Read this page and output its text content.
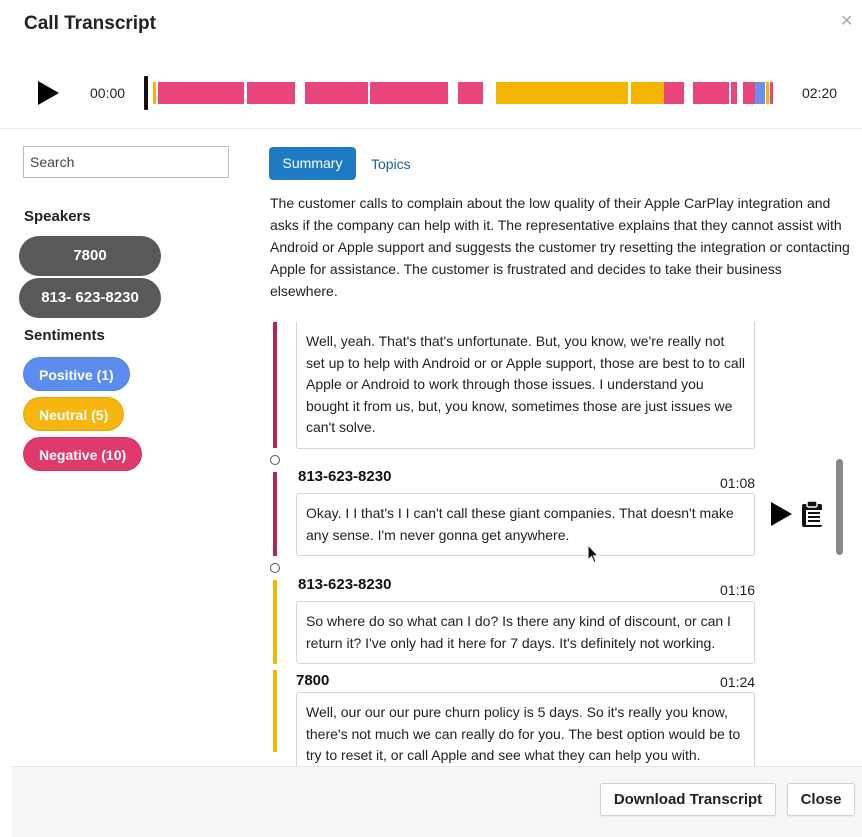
Call Transcript	✕
00:00	02:20
Search
Speakers
7800
813- 623-8230
Sentiments
Positive (1)
Neutral (5)
Negative (10)
Summary	Topics
The customer calls to complain about the low quality of their Apple CarPlay integration and asks if the company can help with it. The representative explains that they cannot assist with Android or Apple support and suggests the customer try resetting the integration or contacting Apple for assistance. The customer is frustrated and decides to take their business elsewhere.
Well, yeah. That's that's unfortunate. But, you know, we're really not set up to help with Android or or Apple support, those are best to to call Apple or Android to work through those issues. I understand you bought it from us, but, you know, sometimes those are just issues we can't solve.
813-623-8230	01:08
Okay. I I that's I I can't call these giant companies. That doesn't make any sense. I'm never gonna get anywhere.
813-623-8230	01:16
So where do so what can I do? Is there any kind of discount, or can I return it? I've only had it here for 7 days. It's definitely not working.
7800	01:24
Well, our our our pure churn policy is 5 days. So it's really you know, there's not much we can really do for you. The best option would be to try to reset it, or call Apple and see what they can help you with.
Download Transcript	Close
